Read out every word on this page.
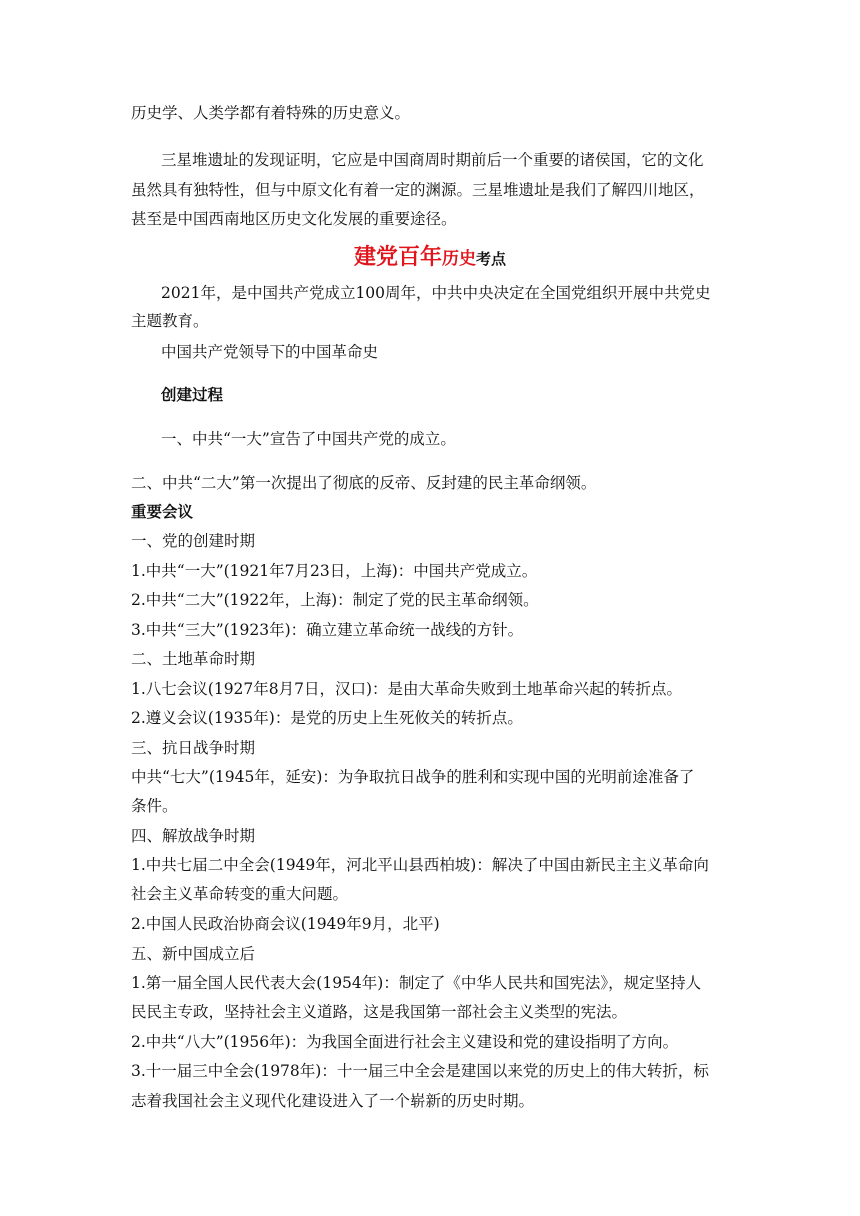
历史学、人类学都有着特殊的历史意义。
三星堆遗址的发现证明，它应是中国商周时期前后一个重要的诸侯国，它的文化
虽然具有独特性，但与中原文化有着一定的渊源。三星堆遗址是我们了解四川地区，
甚至是中国西南地区历史文化发展的重要途径。
建党百年历史考点
2021年，是中国共产党成立100周年，中共中央决定在全国党组织开展中共党史
主题教育。
中国共产党领导下的中国革命史
创建过程
一、中共“一大”宣告了中国共产党的成立。
二、中共“二大”第一次提出了彻底的反帝、反封建的民主革命纲领。
重要会议
一、党的创建时期
1.中共“一大”(1921年7月23日，上海)：中国共产党成立。
2.中共“二大”(1922年，上海)：制定了党的民主革命纲领。
3.中共“三大”(1923年)：确立建立革命统一战线的方针。
二、土地革命时期
1.八七会议(1927年8月7日，汉口)：是由大革命失败到土地革命兴起的转折点。
2.遵义会议(1935年)：是党的历史上生死攸关的转折点。
三、抗日战争时期
中共“七大”(1945年，延安)：为争取抗日战争的胜利和实现中国的光明前途准备了
条件。
四、解放战争时期
1.中共七届二中全会(1949年，河北平山县西柏坡)：解决了中国由新民主主义革命向
社会主义革命转变的重大问题。
2.中国人民政治协商会议(1949年9月，北平)
五、新中国成立后
1.第一届全国人民代表大会(1954年)：制定了《中华人民共和国宪法》，规定坚持人
民民主专政，坚持社会主义道路，这是我国第一部社会主义类型的宪法。
2.中共“八大”(1956年)：为我国全面进行社会主义建设和党的建设指明了方向。
3.十一届三中全会(1978年)：十一届三中全会是建国以来党的历史上的伟大转折，标
志着我国社会主义现代化建设进入了一个崭新的历史时期。
